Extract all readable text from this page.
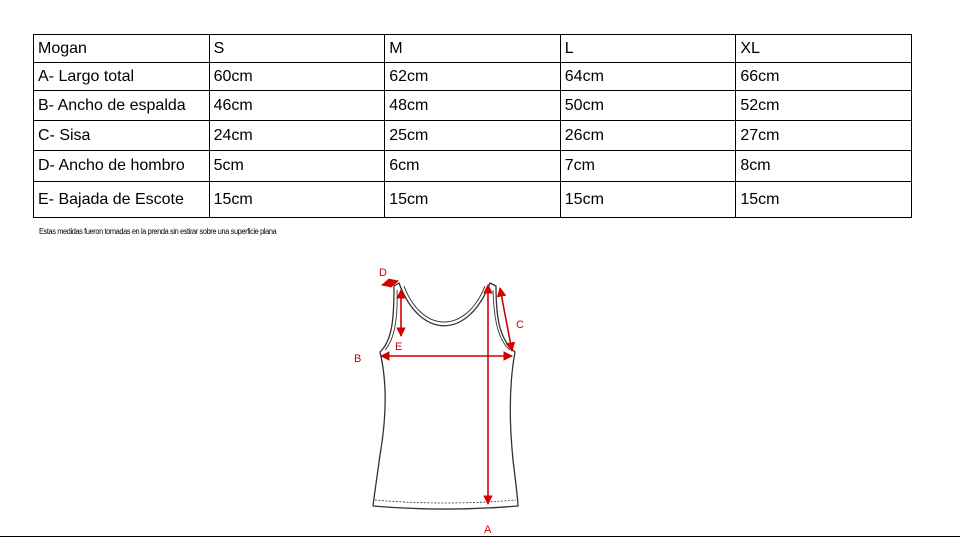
Mogan	S	M	L	XL
A- Largo total	60cm	62cm	64cm	66cm
B- Ancho de espalda	46cm	48cm	50cm	52cm
C- Sisa	24cm	25cm	26cm	27cm
D- Ancho de hombro	5cm	6cm	7cm	8cm
E- Bajada de Escote	15cm	15cm	15cm	15cm
Estas medidas fueron tomadas en la prenda sin estirar sobre una superficie plana
A
B
C
D
E
